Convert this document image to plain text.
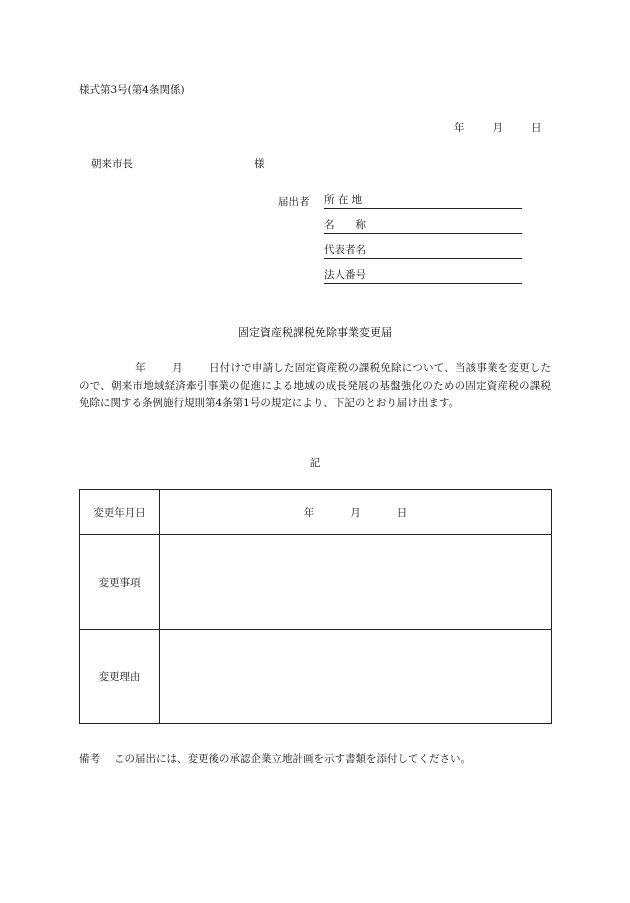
様式第3号(第4条関係)
年	月	日
朝来市長	様
届出者 所 在 地
名　　称
代表者名
法人番号
固定資産税課税免除事業変更届
年 月 日付けで申請した固定資産税の課税免除について、当該事業を変更したので、朝来市地域経済牽引事業の促進による地域の成長発展の基盤強化のための固定資産税の課税免除に関する条例施行規則第4条第1号の規定により、下記のとおり届け出ます。
記
変更年月日	年 月 日
変更事項	
変更理由	
備考 この届出には、変更後の承認企業立地計画を示す書類を添付してください。
